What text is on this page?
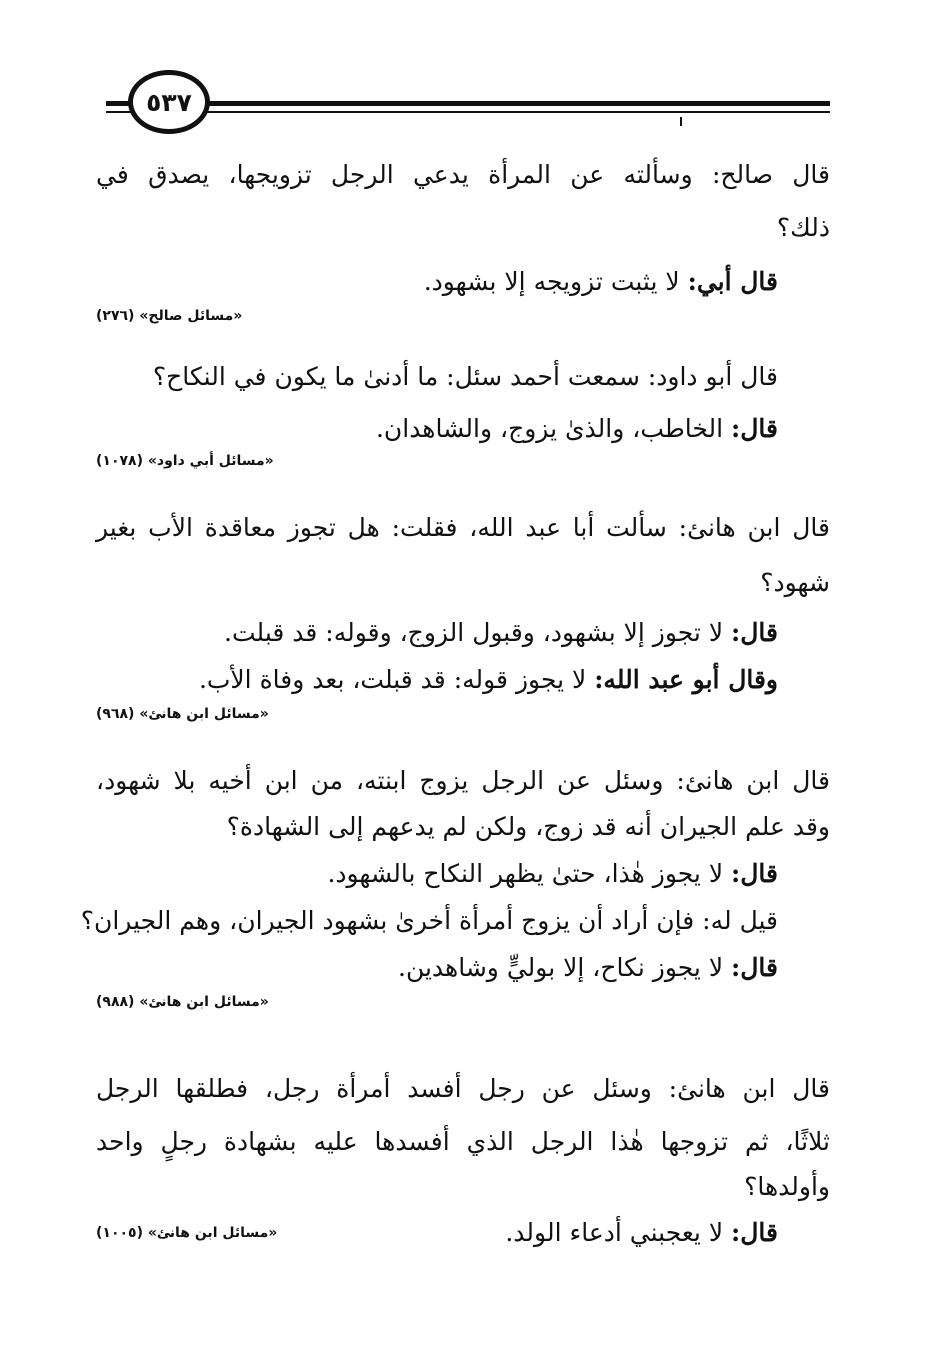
٥٣٧
قال صالح: وسألته عن المرأة يدعي الرجل تزويجها، يصدق في
ذلك؟
قال أبي: لا يثبت تزويجه إلا بشهود.
«مسائل صالح» (٢٧٦)
قال أبو داود: سمعت أحمد سئل: ما أدنىٰ ما يكون في النكاح؟
قال: الخاطب، والذىٰ يزوج، والشاهدان.
«مسائل أبي داود» (١٠٧٨)
قال ابن هانئ: سألت أبا عبد الله، فقلت: هل تجوز معاقدة الأب بغير
شهود؟
قال: لا تجوز إلا بشهود، وقبول الزوج، وقوله: قد قبلت.
وقال أبو عبد الله: لا يجوز قوله: قد قبلت، بعد وفاة الأب.
«مسائل ابن هانئ» (٩٦٨)
قال ابن هانئ: وسئل عن الرجل يزوج ابنته، من ابن أخيه بلا شهود،
وقد علم الجيران أنه قد زوج، ولكن لم يدعهم إلى الشهادة؟
قال: لا يجوز هٰذا، حتىٰ يظهر النكاح بالشهود.
قيل له: فإن أراد أن يزوج أمرأة أخرىٰ بشهود الجيران، وهم الجيران؟
قال: لا يجوز نكاح، إلا بوليٍّ وشاهدين.
«مسائل ابن هانئ» (٩٨٨)
قال ابن هانئ: وسئل عن رجل أفسد أمرأة رجل، فطلقها الرجل
ثلاثًا، ثم تزوجها هٰذا الرجل الذي أفسدها عليه بشهادة رجلٍ واحد
وأولدها؟
قال: لا يعجبني أدعاء الولد.
«مسائل ابن هانئ» (١٠٠٥)
